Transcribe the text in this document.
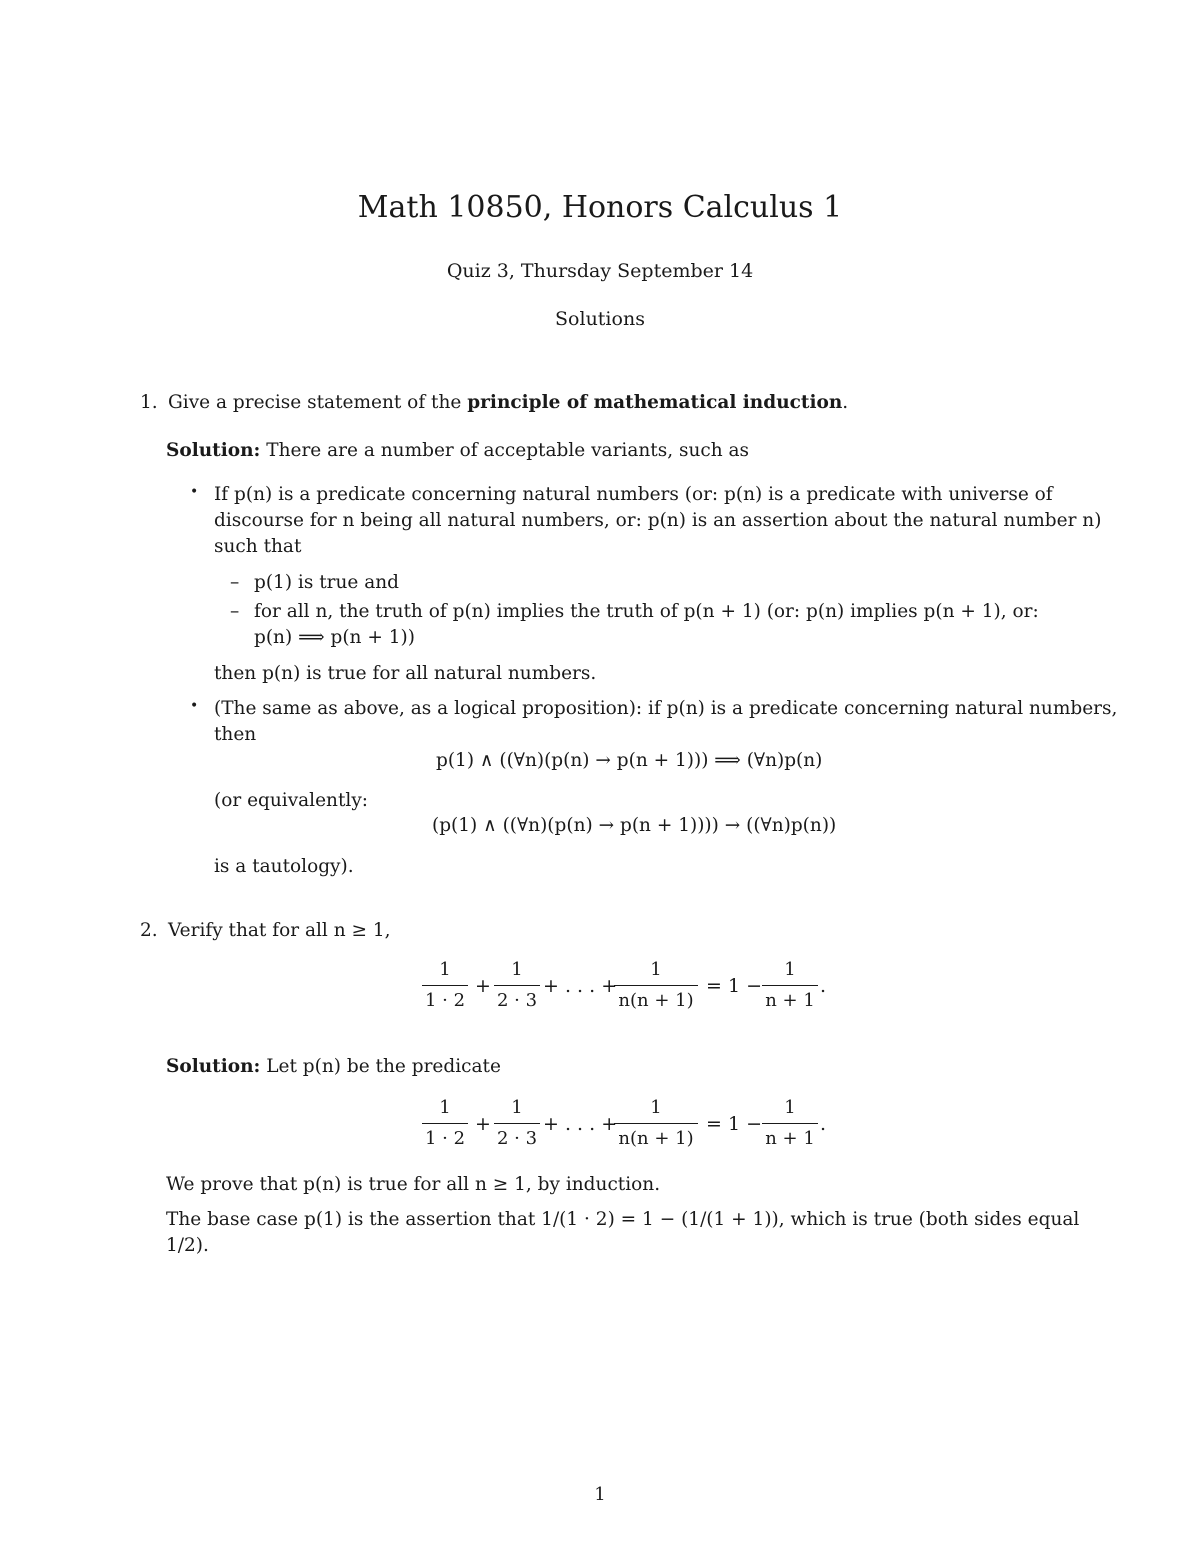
Math 10850, Honors Calculus 1
Quiz 3, Thursday September 14
Solutions
1. Give a precise statement of the principle of mathematical induction.
Solution: There are a number of acceptable variants, such as
• If p(n) is a predicate concerning natural numbers (or: p(n) is a predicate with universe of
discourse for n being all natural numbers, or: p(n) is an assertion about the natural number n)
such that
– p(1) is true and
– for all n, the truth of p(n) implies the truth of p(n + 1) (or: p(n) implies p(n + 1), or:
p(n) ⟹ p(n + 1))
then p(n) is true for all natural numbers.
• (The same as above, as a logical proposition): if p(n) is a predicate concerning natural numbers,
then
p(1) ∧ ((∀n)(p(n) → p(n + 1))) ⟹ (∀n)p(n)
(or equivalently:
(p(1) ∧ ((∀n)(p(n) → p(n + 1)))) → ((∀n)p(n))
is a tautology).
2. Verify that for all n ≥ 1,
1
1 · 2
+
1
2 · 3
+ . . . +
1
n(n + 1)
= 1 −
1
n + 1
.
Solution: Let p(n) be the predicate
1
1 · 2
+
1
2 · 3
+ . . . +
1
n(n + 1)
= 1 −
1
n + 1
.
We prove that p(n) is true for all n ≥ 1, by induction.
The base case p(1) is the assertion that 1/(1 · 2) = 1 − (1/(1 + 1)), which is true (both sides equal
1/2).
1
